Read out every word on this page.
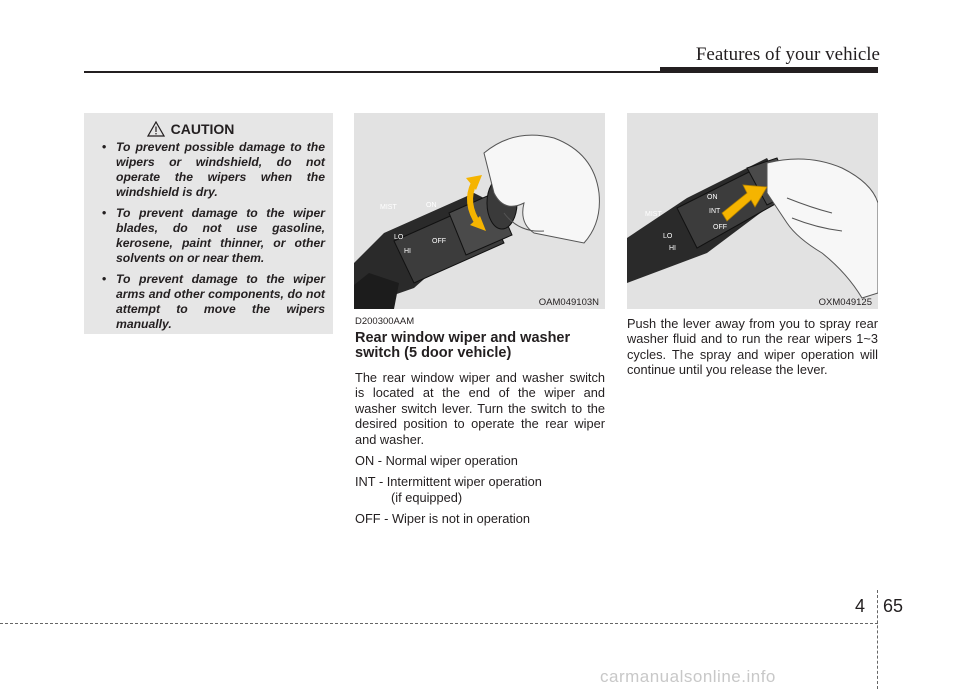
Features of your vehicle
CAUTION
• To prevent possible damage to the wipers or windshield, do not operate the wipers when the windshield is dry.
• To prevent damage to the wiper blades, do not use gasoline, kerosene, paint thinner, or other solvents on or near them.
• To prevent damage to the wiper arms and other components, do not attempt to move the wipers manually.
MIST	ON
OFF
LO
HI
OAM049103N
MIST
ON
INT
OFF
LO
HI
OXM049125

D200300AAM

Rear window wiper and washer switch (5 door vehicle)

The rear window wiper and washer switch is located at the end of the wiper and washer switch lever. Turn the switch to the desired position to operate the rear wiper and washer.

ON - Normal wiper operation

INT - Intermittent wiper operation

(if equipped)

OFF - Wiper is not in operation

Push the lever away from you to spray rear washer fluid and to run the rear wipers 1~3 cycles. The spray and wiper operation will continue until you release the lever.

4 65
carmanualsonline.info
